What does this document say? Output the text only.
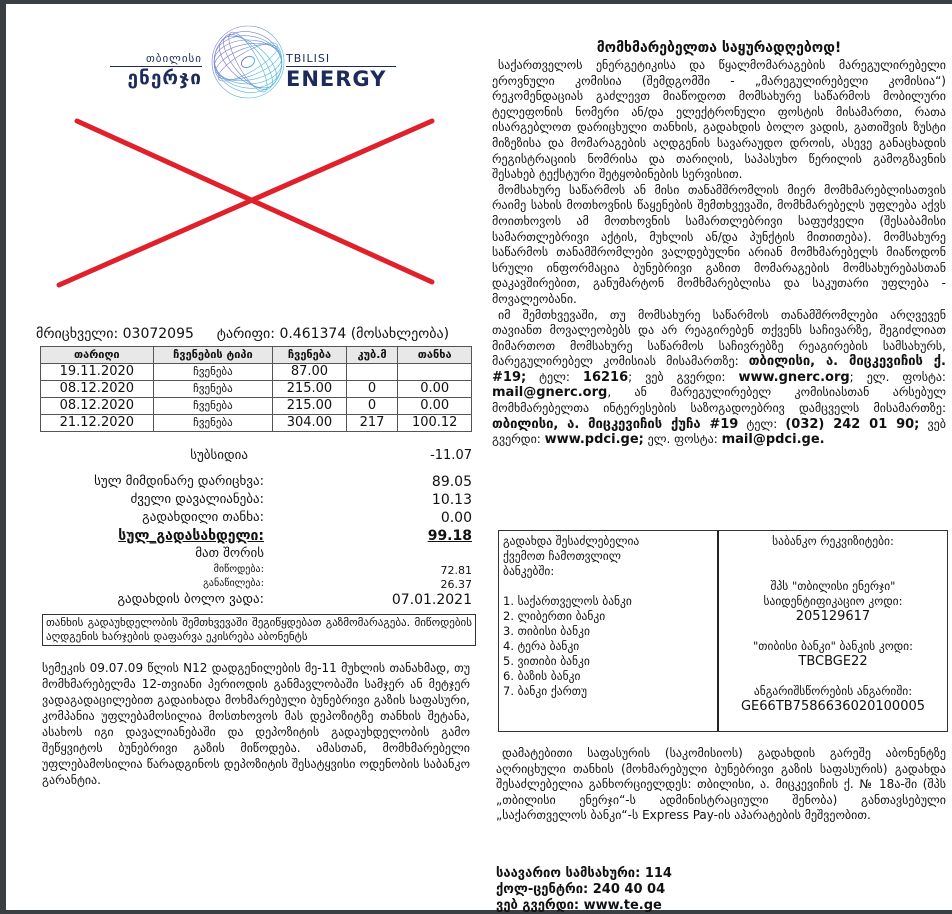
თბილისი
ენერჯი
TBILISI
ENERGY
მრიცხველი: 03072095 ტარიფი: 0.461374 (მოსახლეობა)
თარიღი	ჩვენების ტიპი	ჩვენება	კუბ.მ	თანხა
19.11.2020	ჩვენება	87.00		
08.12.2020	ჩვენება	215.00	0	0.00
08.12.2020	ჩვენება	215.00	0	0.00
21.12.2020	ჩვენება	304.00	217	100.12
სუბსიდია	-11.07
სულ მიმდინარე დარიცხვა:	89.05
ძველი დავალიანება:	10.13
გადახდილი თანხა:	0.00
სულ_გადასახდელი:	99.18
მათ შორის
მიწოდება:	72.81
განაწილება:	26.37
გადახდის ბოლო ვადა:	07.01.2021
თანხის გადაუხდელობის შემთხვევაში შეგიწყდებათ გაზმომარაგება. მიწოდების აღდგენის ხარჯების დაფარვა ეკისრება აბონენტს
სემეკის 09.07.09 წლის N12 დადგენილების მე-11 მუხლის თანახმად, თუ მომხმარებელმა 12-თვიანი პერიოდის განმავლობაში სამჯერ ან მეტჯერ ვადაგადაცილებით გადაიხადა მოხმარებული ბუნებრივი გაზის საფასური, კომპანია უფლებამოსილია მოსთხოვოს მას დეპოზიტზე თანხის შეტანა, ასახოს იგი დავალიანებაში და დეპოზიტის გადაუხდელობის გამო შეწყვიტოს ბუნებრივი გაზის მიწოდება. ამასთან, მომხმარებელი უფლებამოსილია წარადგინოს დეპოზიტის შესატყვისი ოდენობის საბანკო გარანტია.
მომხმარებელთა საყურადღებოდ!

საქართველოს ენერგეტიკისა და წყალმომარაგების მარეგულირებელი ეროვნული კომისია (შემდგომში - „მარეგულირებელი კომისია“) რეკომენდაციას გაძლევთ მიაწოდოთ მომსახურე საწარმოს მობილური ტელეფონის ნომერი ან/და ელექტრონული ფოსტის მისამართი, რათა ისარგებლოთ დარიცხული თანხის, გადახდის ბოლო ვადის, გათიშვის ზუსტი მიზეზისა და მომარაგების აღდგენის სავარაუდო დროის, ასევე განაცხადის რეგისტრაციის ნომრისა და თარიღის, საპასუხო წერილის გამოგზავნის შესახებ ტექსტური შეტყობინების სერვისით.

მომსახურე საწარმოს ან მისი თანამშრომლის მიერ მომხმარებლისათვის რაიმე სახის მოთხოვნის წაყენების შემთხვევაში, მომხმარებელს უფლება აქვს მოითხოვოს ამ მოთხოვნის სამართლებრივი საფუძველი (შესაბამისი სამართლებრივი აქტის, მუხლის ან/და პუნქტის მითითება). მომსახურე საწარმოს თანამშრომლები ვალდებულნი არიან მომხმარებელს მიაწოდონ სრული ინფორმაცია ბუნებრივი გაზით მომარაგების მომსახურებასთან დაკავშირებით, განუმარტონ მომხმარებლისა და საკუთარი უფლება - მოვალეობანი.

იმ შემთხვევაში, თუ მომსახურე საწარმოს თანამშრომლები არღვევენ თავიანთ მოვალეობებს და არ რეაგირებენ თქვენს საჩივარზე, შეგიძლიათ მიმართოთ მომსახურე საწარმოს საჩივრებზე რეაგირების სამსახურს, მარეგულირებელ კომისიას მისამართზე: თბილისი, ა. მიცკევიჩის ქ. #19; ტელ: 16216; ვებ გვერდი: www.gnerc.org; ელ. ფოსტა: mail@gnerc.org, ან მარეგულირებელ კომისიასთან არსებულ მომხმარებელთა ინტერესების საზოგადოებრივ დამცველს მისამართზე: თბილისი, ა. მიცკევიჩის ქუჩა #19 ტელ: (032) 242 01 90; ვებ გვერდი: www.pdci.ge; ელ. ფოსტა: mail@pdci.ge.

გადახდა შესაძლებელია ქვემოთ ჩამოთვლილ ბანკებში:
1. საქართველოს ბანკი
2. ლიბერთი ბანკი
3. თიბისი ბანკი
4. ტერა ბანკი
5. ვითიბი ბანკი
6. ბაზის ბანკი
7. ბანკი ქართუ
საბანკო რეკვიზიტები:
შპს "თბილისი ენერჯი"
საიდენტიფიკაციო კოდი:
205129617
"თიბისი ბანკი" ბანკის კოდი:
TBCBGE22
ანგარიშსწორების ანგარიში:
GE66TB7586636020100005

დამატებითი საფასურის (საკომისიოს) გადახდის გარეშე აბონენტზე აღრიცხული თანხის (მოხმარებული ბუნებრივი გაზის საფასურის) გადახდა შესაძლებელია განხორციელდეს: თბილისი, ა. მიცკევიჩის ქ. № 18ა-ში (შპს „თბილისი ენერჯი“-ს ადმინისტრაციული შენობა) განთავსებული „საქართველოს ბანკი“-ს Express Pay-ის აპარატების მეშვეობით.

საავარიო სამსახური: 114
ქოლ-ცენტრი: 240 40 04
ვებ გვერდი: www.te.ge
